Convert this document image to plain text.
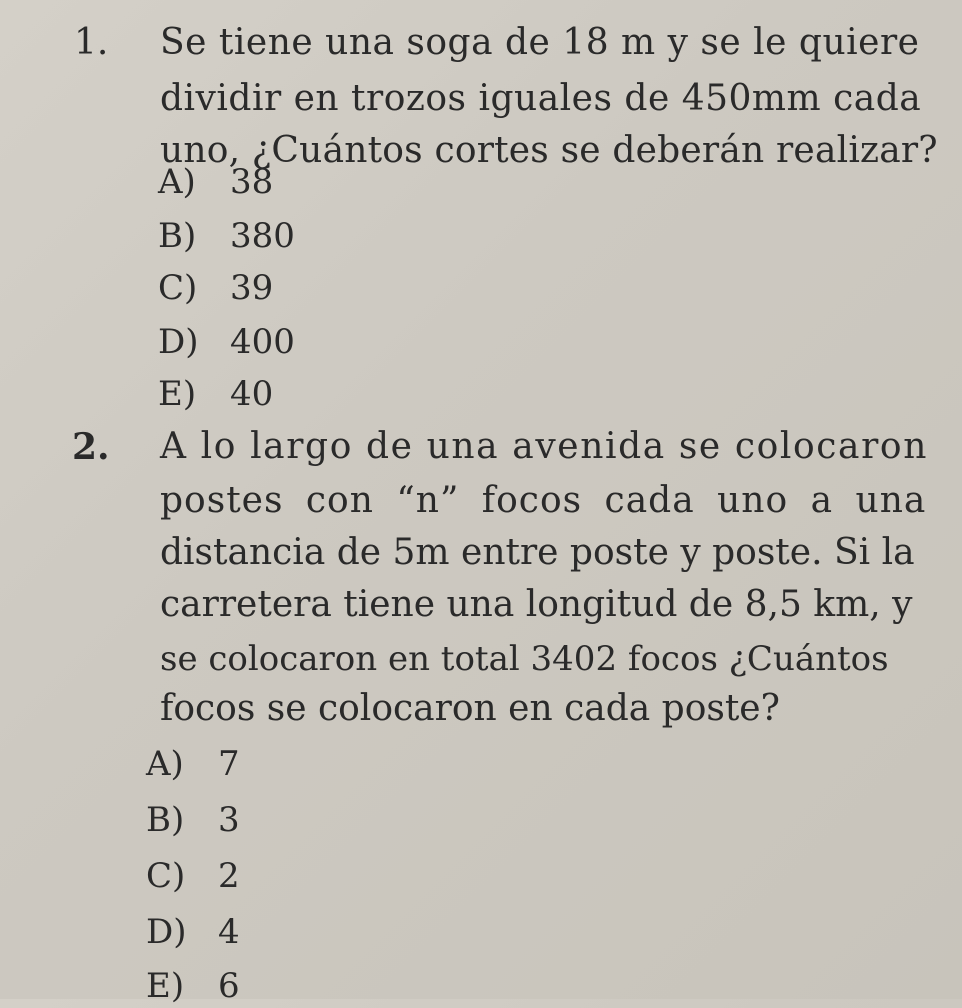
1. Se tiene una soga de 18 m y se le quiere
dividir en trozos iguales de 450mm cada
uno, ¿Cuántos cortes se deberán realizar?
A) 38
B) 380
C) 39
D) 400
E) 40
2. A lo largo de una avenida se colocaron
postes con “n” focos cada uno a una
distancia de 5m entre poste y poste. Si la
carretera tiene una longitud de 8,5 km, y
se colocaron en total 3402 focos ¿Cuántos
focos se colocaron en cada poste?
A) 7
B) 3
C) 2
D) 4
E) 6
